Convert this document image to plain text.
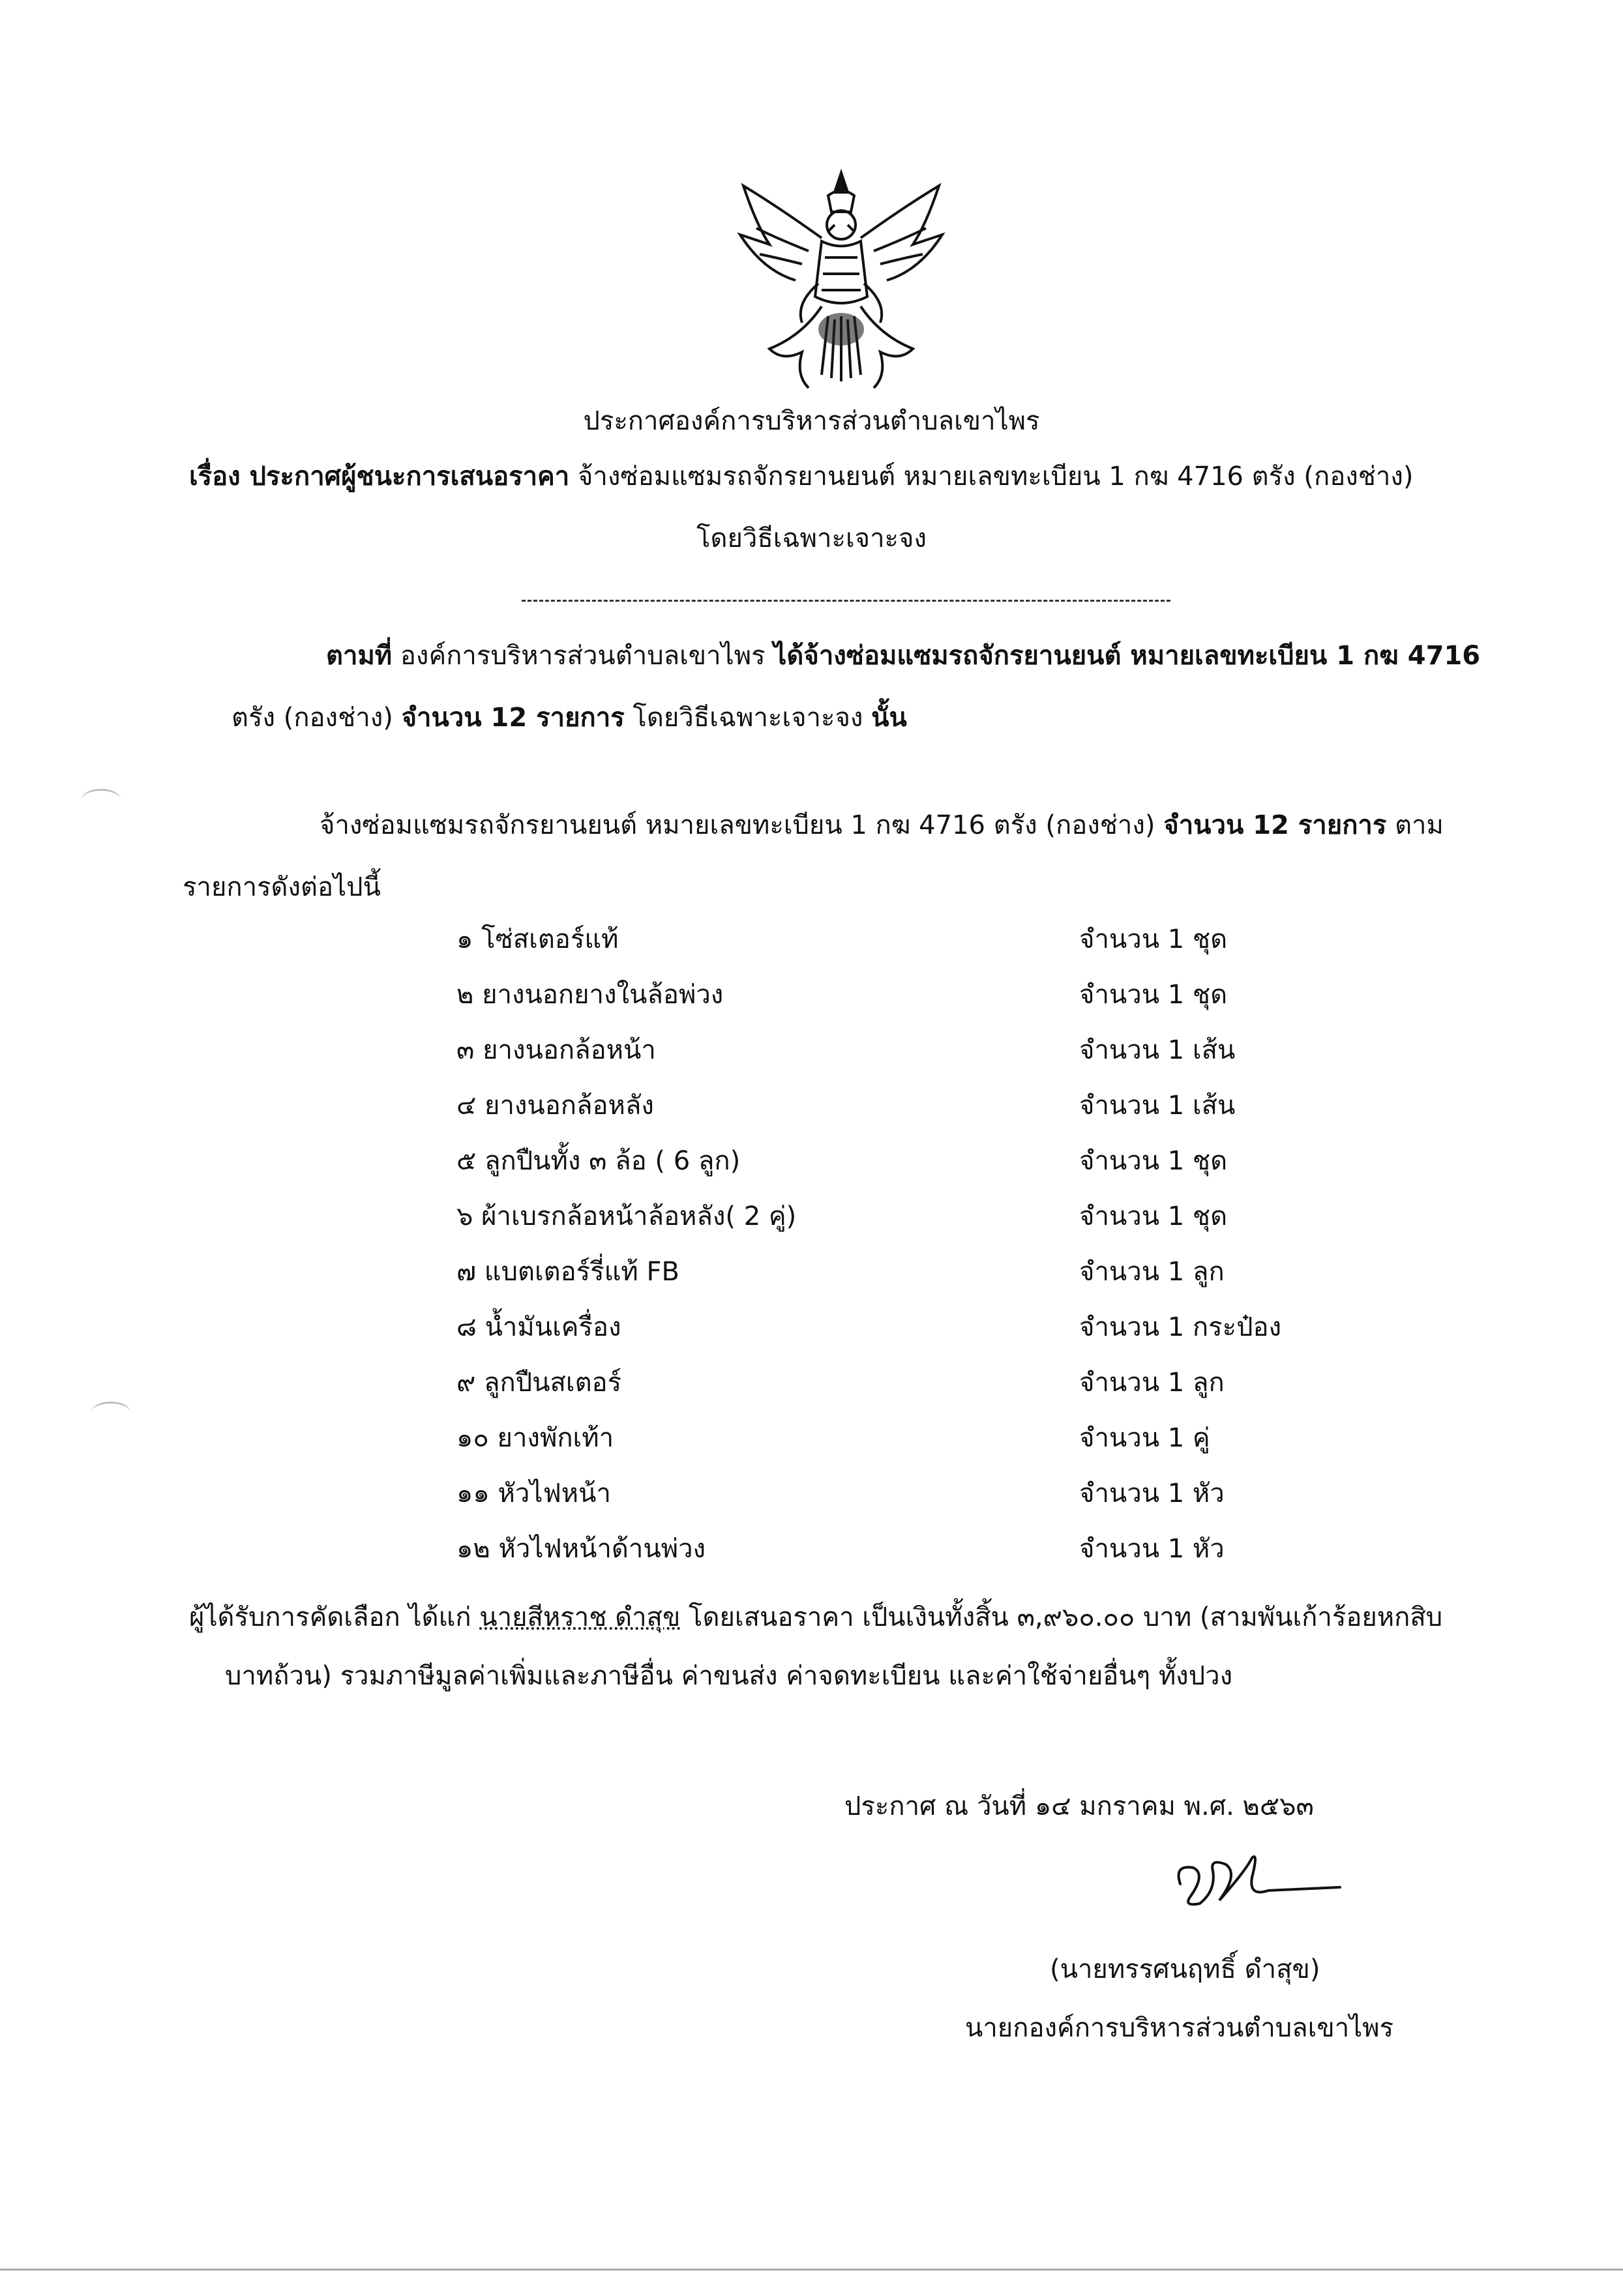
ประกาศองค์การบริหารส่วนตำบลเขาไพร
เรื่อง ประกาศผู้ชนะการเสนอราคา จ้างซ่อมแซมรถจักรยานยนต์ หมายเลขทะเบียน 1 กฆ 4716 ตรัง (กองช่าง)
โดยวิธีเฉพาะเจาะจง
ตามที่ องค์การบริหารส่วนตำบลเขาไพร ได้จ้างซ่อมแซมรถจักรยานยนต์ หมายเลขทะเบียน 1 กฆ 4716
ตรัง (กองช่าง) จำนวน 12 รายการ โดยวิธีเฉพาะเจาะจง นั้น
จ้างซ่อมแซมรถจักรยานยนต์ หมายเลขทะเบียน 1 กฆ 4716 ตรัง (กองช่าง) จำนวน 12 รายการ ตาม
รายการดังต่อไปนี้
๑ โซ่สเตอร์แท้	จำนวน 1 ชุด
๒ ยางนอกยางในล้อพ่วง	จำนวน 1 ชุด
๓ ยางนอกล้อหน้า	จำนวน 1 เส้น
๔ ยางนอกล้อหลัง	จำนวน 1 เส้น
๕ ลูกปืนทั้ง ๓ ล้อ ( 6 ลูก)	จำนวน 1 ชุด
๖ ผ้าเบรกล้อหน้าล้อหลัง( 2 คู่)	จำนวน 1 ชุด
๗ แบตเตอร์รี่แท้ FB	จำนวน 1 ลูก
๘ น้ำมันเครื่อง	จำนวน 1 กระป๋อง
๙ ลูกปืนสเตอร์	จำนวน 1 ลูก
๑๐ ยางพักเท้า	จำนวน 1 คู่
๑๑ หัวไฟหน้า	จำนวน 1 หัว
๑๒ หัวไฟหน้าด้านพ่วง	จำนวน 1 หัว
ผู้ได้รับการคัดเลือก ได้แก่ นายสีหราช ดำสุข โดยเสนอราคา เป็นเงินทั้งสิ้น ๓,๙๖๐.๐๐ บาท (สามพันเก้าร้อยหกสิบ
บาทถ้วน) รวมภาษีมูลค่าเพิ่มและภาษีอื่น ค่าขนส่ง ค่าจดทะเบียน และค่าใช้จ่ายอื่นๆ ทั้งปวง
ประกาศ ณ วันที่ ๑๔ มกราคม พ.ศ. ๒๕๖๓
(นายทรรศนฤทธิ์ ดำสุข)
นายกองค์การบริหารส่วนตำบลเขาไพร
